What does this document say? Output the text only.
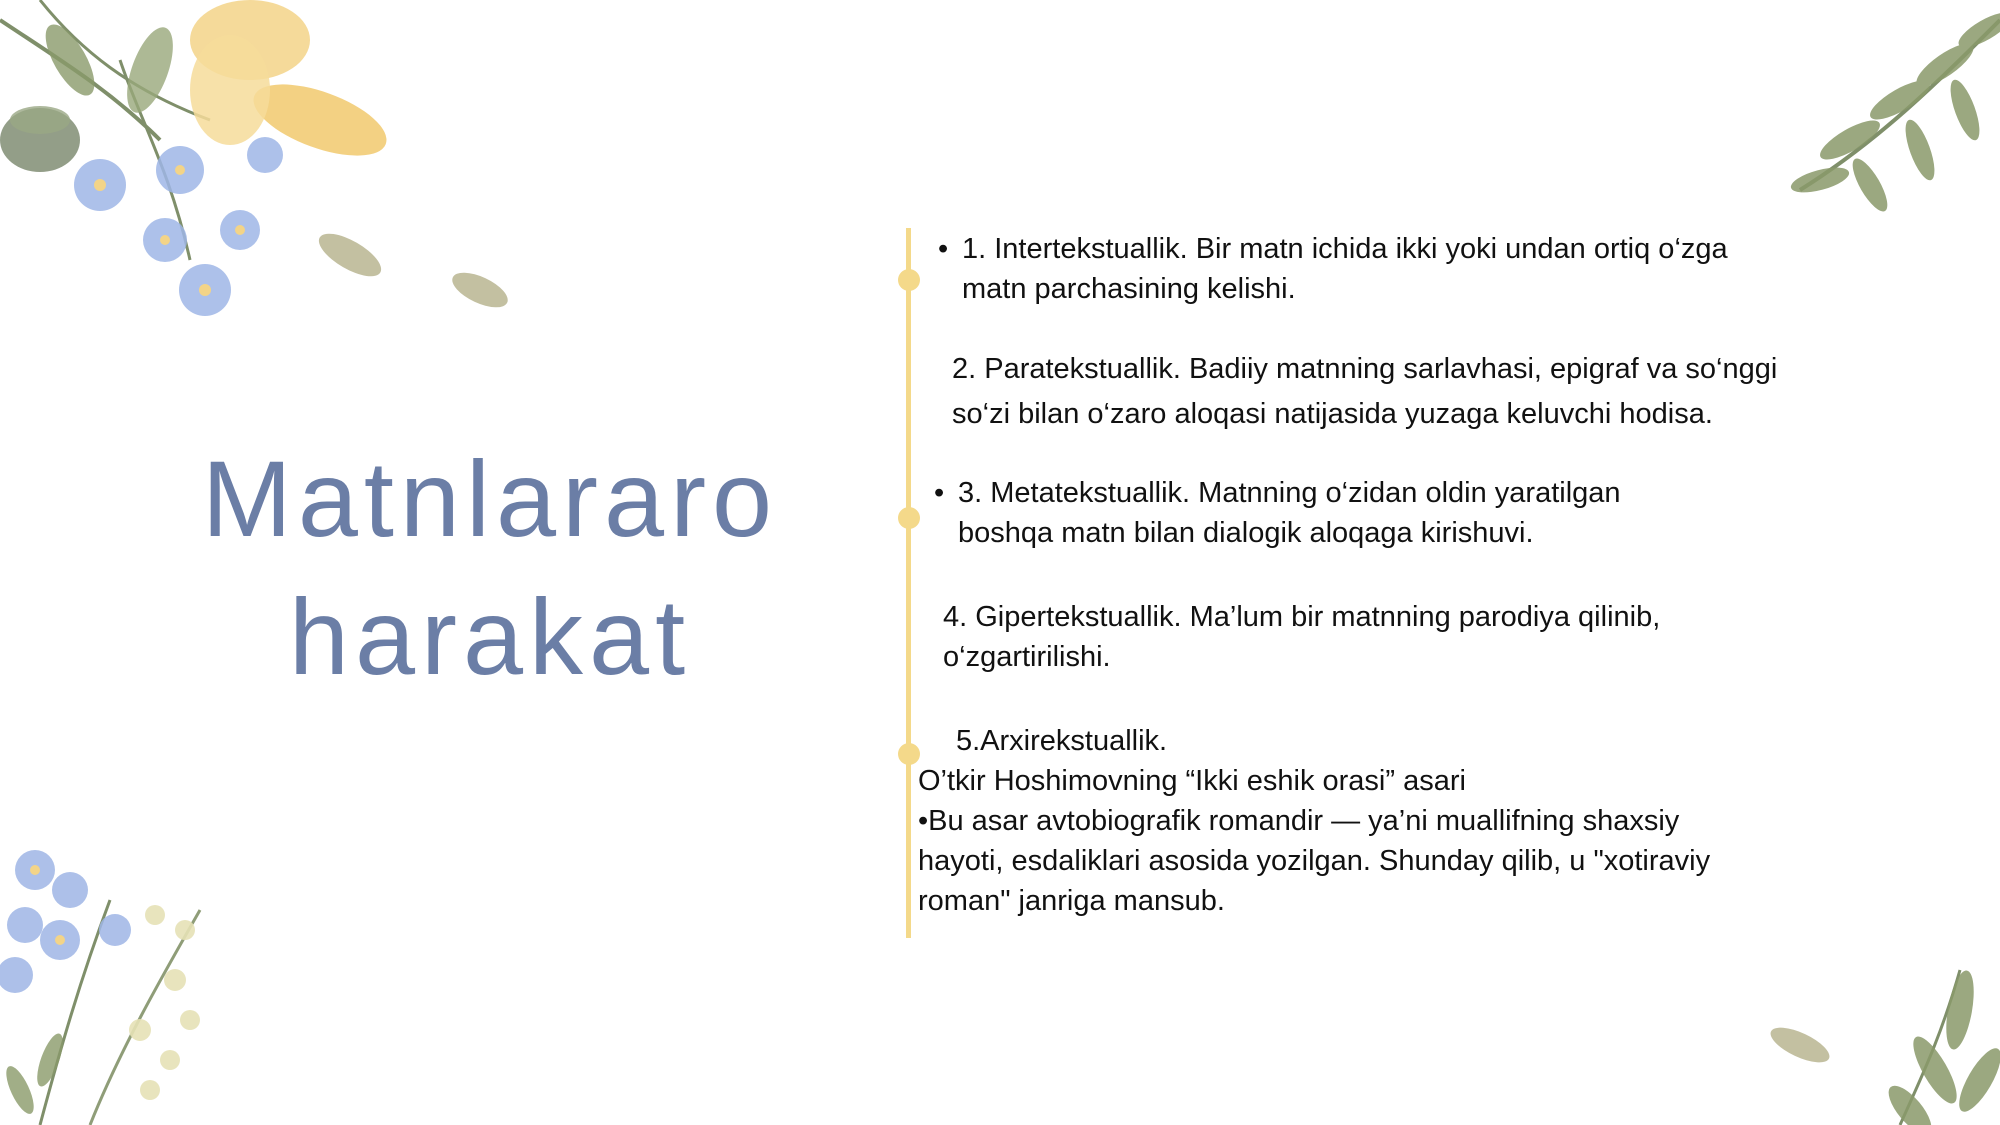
Matnlararo
harakat
• 1. Intertekstuallik. Bir matn ichida ikki yoki undan ortiq o‘zga
matn parchasining kelishi.
2. Paratekstuallik. Badiiy matnning sarlavhasi, epigraf va so‘nggi
so‘zi bilan o‘zaro aloqasi natijasida yuzaga keluvchi hodisa.
• 3. Metatekstuallik. Matnning o‘zidan oldin yaratilgan
boshqa matn bilan dialogik aloqaga kirishuvi.
4. Gipertekstuallik. Ma’lum bir matnning parodiya qilinib,
o‘zgartirilishi.
5.Arxirekstuallik.
O’tkir Hoshimovning “Ikki eshik orasi” asari
•Bu asar avtobiografik romandir — ya’ni muallifning shaxsiy
hayoti, esdaliklari asosida yozilgan. Shunday qilib, u "xotiraviy
roman" janriga mansub.
